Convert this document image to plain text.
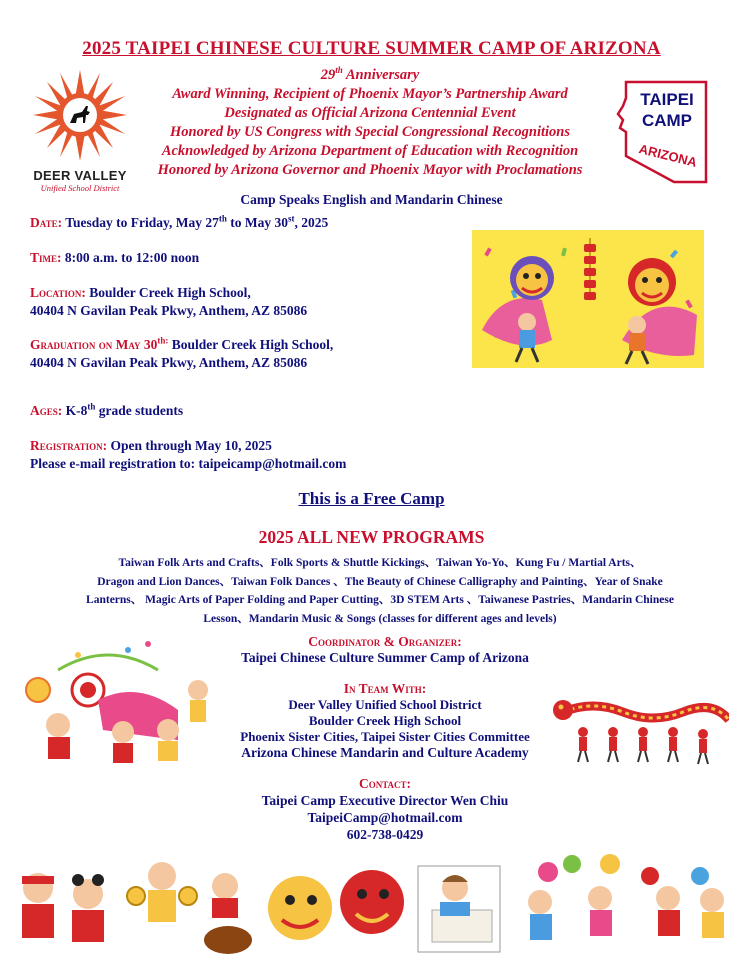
2025 TAIPEI CHINESE CULTURE SUMMER CAMP OF ARIZONA
DEER VALLEY
Unified School District
29th Anniversary
Award Winning, Recipient of Phoenix Mayor’s Partnership Award
Designated as Official Arizona Centennial Event
Honored by US Congress with Special Congressional Recognitions
Acknowledged by Arizona Department of Education with Recognition
Honored by Arizona Governor and Phoenix Mayor with Proclamations
TAIPEI
CAMP
ARIZONA
Camp Speaks English and Mandarin Chinese
Date: Tuesday to Friday, May 27th to May 30st, 2025
Time: 8:00 a.m. to 12:00 noon
Location: Boulder Creek High School,
40404 N Gavilan Peak Pkwy, Anthem, AZ 85086
Graduation on May $30^{th:}$ Boulder Creek High School,
40404 N Gavilan Peak Pkwy, Anthem, AZ 85086
Ages: K-8th grade students
Registration: Open through May 10, 2025
Please e-mail registration to: taipeicamp@hotmail.com
This is a Free Camp
2025 ALL NEW PROGRAMS
Taiwan Folk Arts and Crafts、Folk Sports & Shuttle Kickings、Taiwan Yo-Yo、Kung Fu / Martial Arts、
Dragon and Lion Dances、Taiwan Folk Dances 、The Beauty of Chinese Calligraphy and Painting、Year of Snake
Lanterns、 Magic Arts of Paper Folding and Paper Cutting、3D STEM Arts 、Taiwanese Pastries、Mandarin Chinese
Lesson、Mandarin Music & Songs (classes for different ages and levels)
Coordinator & Organizer:
Taipei Chinese Culture Summer Camp of Arizona
In Team With:
Deer Valley Unified School District
Boulder Creek High School
Phoenix Sister Cities, Taipei Sister Cities Committee
Arizona Chinese Mandarin and Culture Academy
Contact:
Taipei Camp Executive Director Wen Chiu
TaipeiCamp@hotmail.com
602-738-0429
